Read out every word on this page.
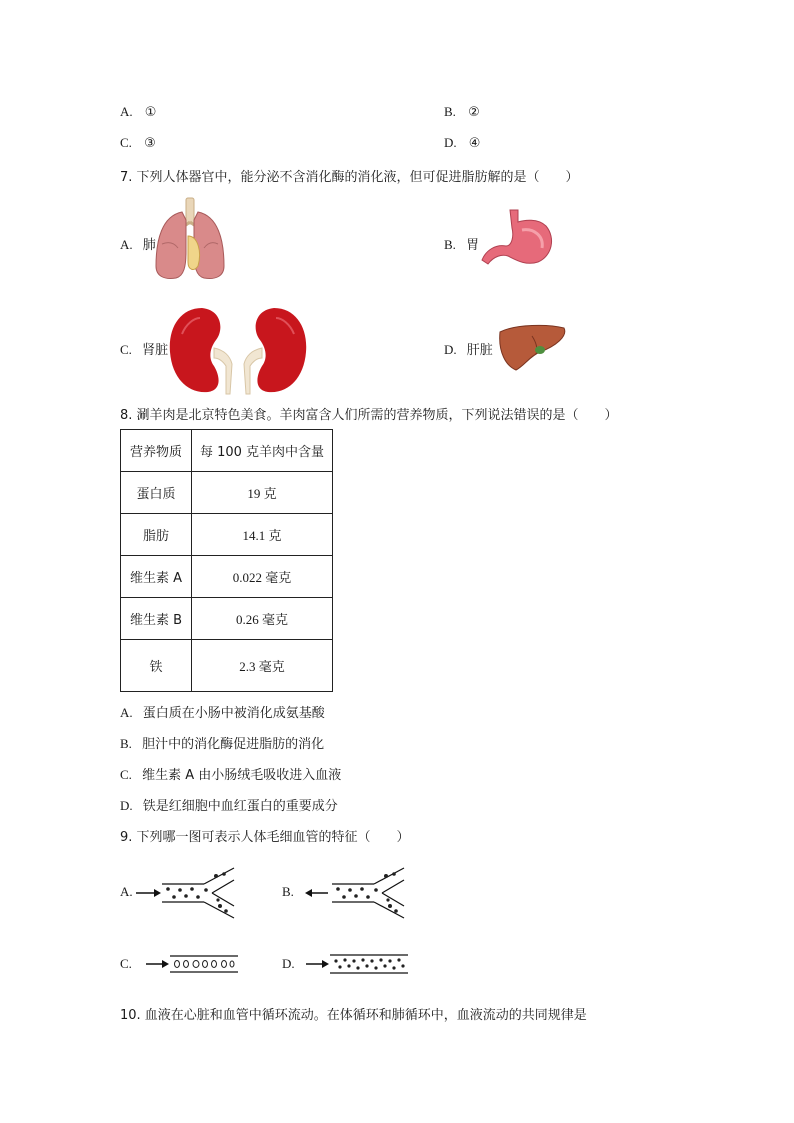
A. ①	B. ②
C. ③	D. ④
7. 下列人体器官中，能分泌不含消化酶的消化液，但可促进脂肪解的是（　　）
A. 肺	B. 胃
C. 肾脏	D. 肝脏
8. 涮羊肉是北京特色美食。羊肉富含人们所需的营养物质，下列说法错误的是（　　）
营养物质	每 100 克羊肉中含量
蛋白质	19 克
脂肪	14.1 克
维生素 A	0.022 毫克
维生素 B	0.26 毫克
铁	2.3 毫克
A. 蛋白质在小肠中被消化成氨基酸
B. 胆汁中的消化酶促进脂肪的消化
C. 维生素 A 由小肠绒毛吸收进入血液
D. 铁是红细胞中血红蛋白的重要成分
9. 下列哪一图可表示人体毛细血管的特征（　　）
A.	B.
C.	D.
10. 血液在心脏和血管中循环流动。在体循环和肺循环中，血液流动的共同规律是
